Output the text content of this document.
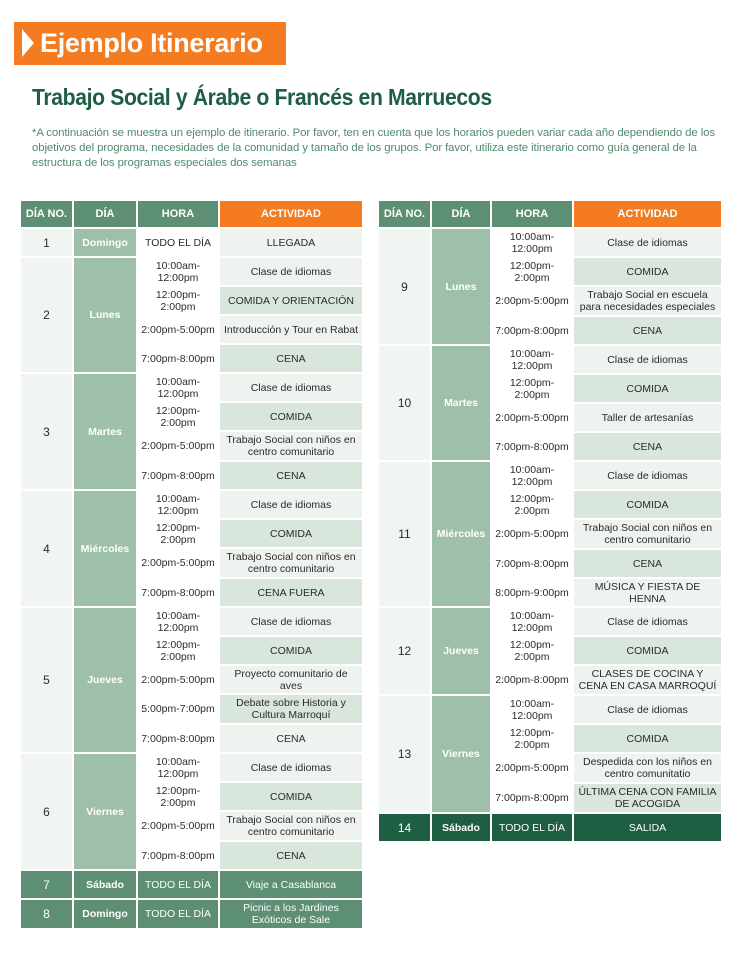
Ejemplo Itinerario
Trabajo Social y Árabe o Francés en Marruecos
*A continuación se muestra un ejemplo de itinerario. Por favor, ten en cuenta que los horarios pueden variar cada año dependiendo de los objetivos del programa, necesidades de la comunidad y tamaño de los grupos. Por favor, utiliza este itinerario como guía general de la estructura de los programas especiales dos semanas
DÍA NO.	DÍA	HORA	ACTIVIDAD
1	Domingo	TODO EL DÍA	LLEGADA
2	Lunes	10:00am-12:00pm	Clase de idiomas
		12:00pm-2:00pm	COMIDA Y ORIENTACIÓN
		2:00pm-5:00pm	Introducción y Tour en Rabat
		7:00pm-8:00pm	CENA
3	Martes	10:00am-12:00pm	Clase de idiomas
		12:00pm-2:00pm	COMIDA
		2:00pm-5:00pm	Trabajo Social con niños en centro comunitario
		7:00pm-8:00pm	CENA
4	Miércoles	10:00am-12:00pm	Clase de idiomas
		12:00pm-2:00pm	COMIDA
		2:00pm-5:00pm	Trabajo Social con niños en centro comunitario
		7:00pm-8:00pm	CENA FUERA
5	Jueves	10:00am-12:00pm	Clase de idiomas
		12:00pm-2:00pm	COMIDA
		2:00pm-5:00pm	Proyecto comunitario de aves
		5:00pm-7:00pm	Debate sobre Historia y Cultura Marroquí
		7:00pm-8:00pm	CENA
6	Viernes	10:00am-12:00pm	Clase de idiomas
		12:00pm-2:00pm	COMIDA
		2:00pm-5:00pm	Trabajo Social con niños en centro comunitario
		7:00pm-8:00pm	CENA
7	Sábado	TODO EL DÍA	Viaje a Casablanca
8	Domingo	TODO EL DÍA	Picnic a los Jardines Exóticos de Sale
DÍA NO.	DÍA	HORA	ACTIVIDAD
9	Lunes	10:00am-12:00pm	Clase de idiomas
		12:00pm-2:00pm	COMIDA
		2:00pm-5:00pm	Trabajo Social en escuela para necesidades especiales
		7:00pm-8:00pm	CENA
10	Martes	10:00am-12:00pm	Clase de idiomas
		12:00pm-2:00pm	COMIDA
		2:00pm-5:00pm	Taller de artesanías
		7:00pm-8:00pm	CENA
11	Miércoles	10:00am-12:00pm	Clase de idiomas
		12:00pm-2:00pm	COMIDA
		2:00pm-5:00pm	Trabajo Social con niños en centro comunitario
		7:00pm-8:00pm	CENA
		8:00pm-9:00pm	MÚSICA Y FIESTA DE HENNA
12	Jueves	10:00am-12:00pm	Clase de idiomas
		12:00pm-2:00pm	COMIDA
		2:00pm-8:00pm	CLASES DE COCINA Y CENA EN CASA MARROQUÍ
13	Viernes	10:00am-12:00pm	Clase de idiomas
		12:00pm-2:00pm	COMIDA
		2:00pm-5:00pm	Despedida con los niños en centro comunitatio
		7:00pm-8:00pm	ÚLTIMA CENA CON FAMILIA DE ACOGIDA
14	Sábado	TODO EL DÍA	SALIDA
